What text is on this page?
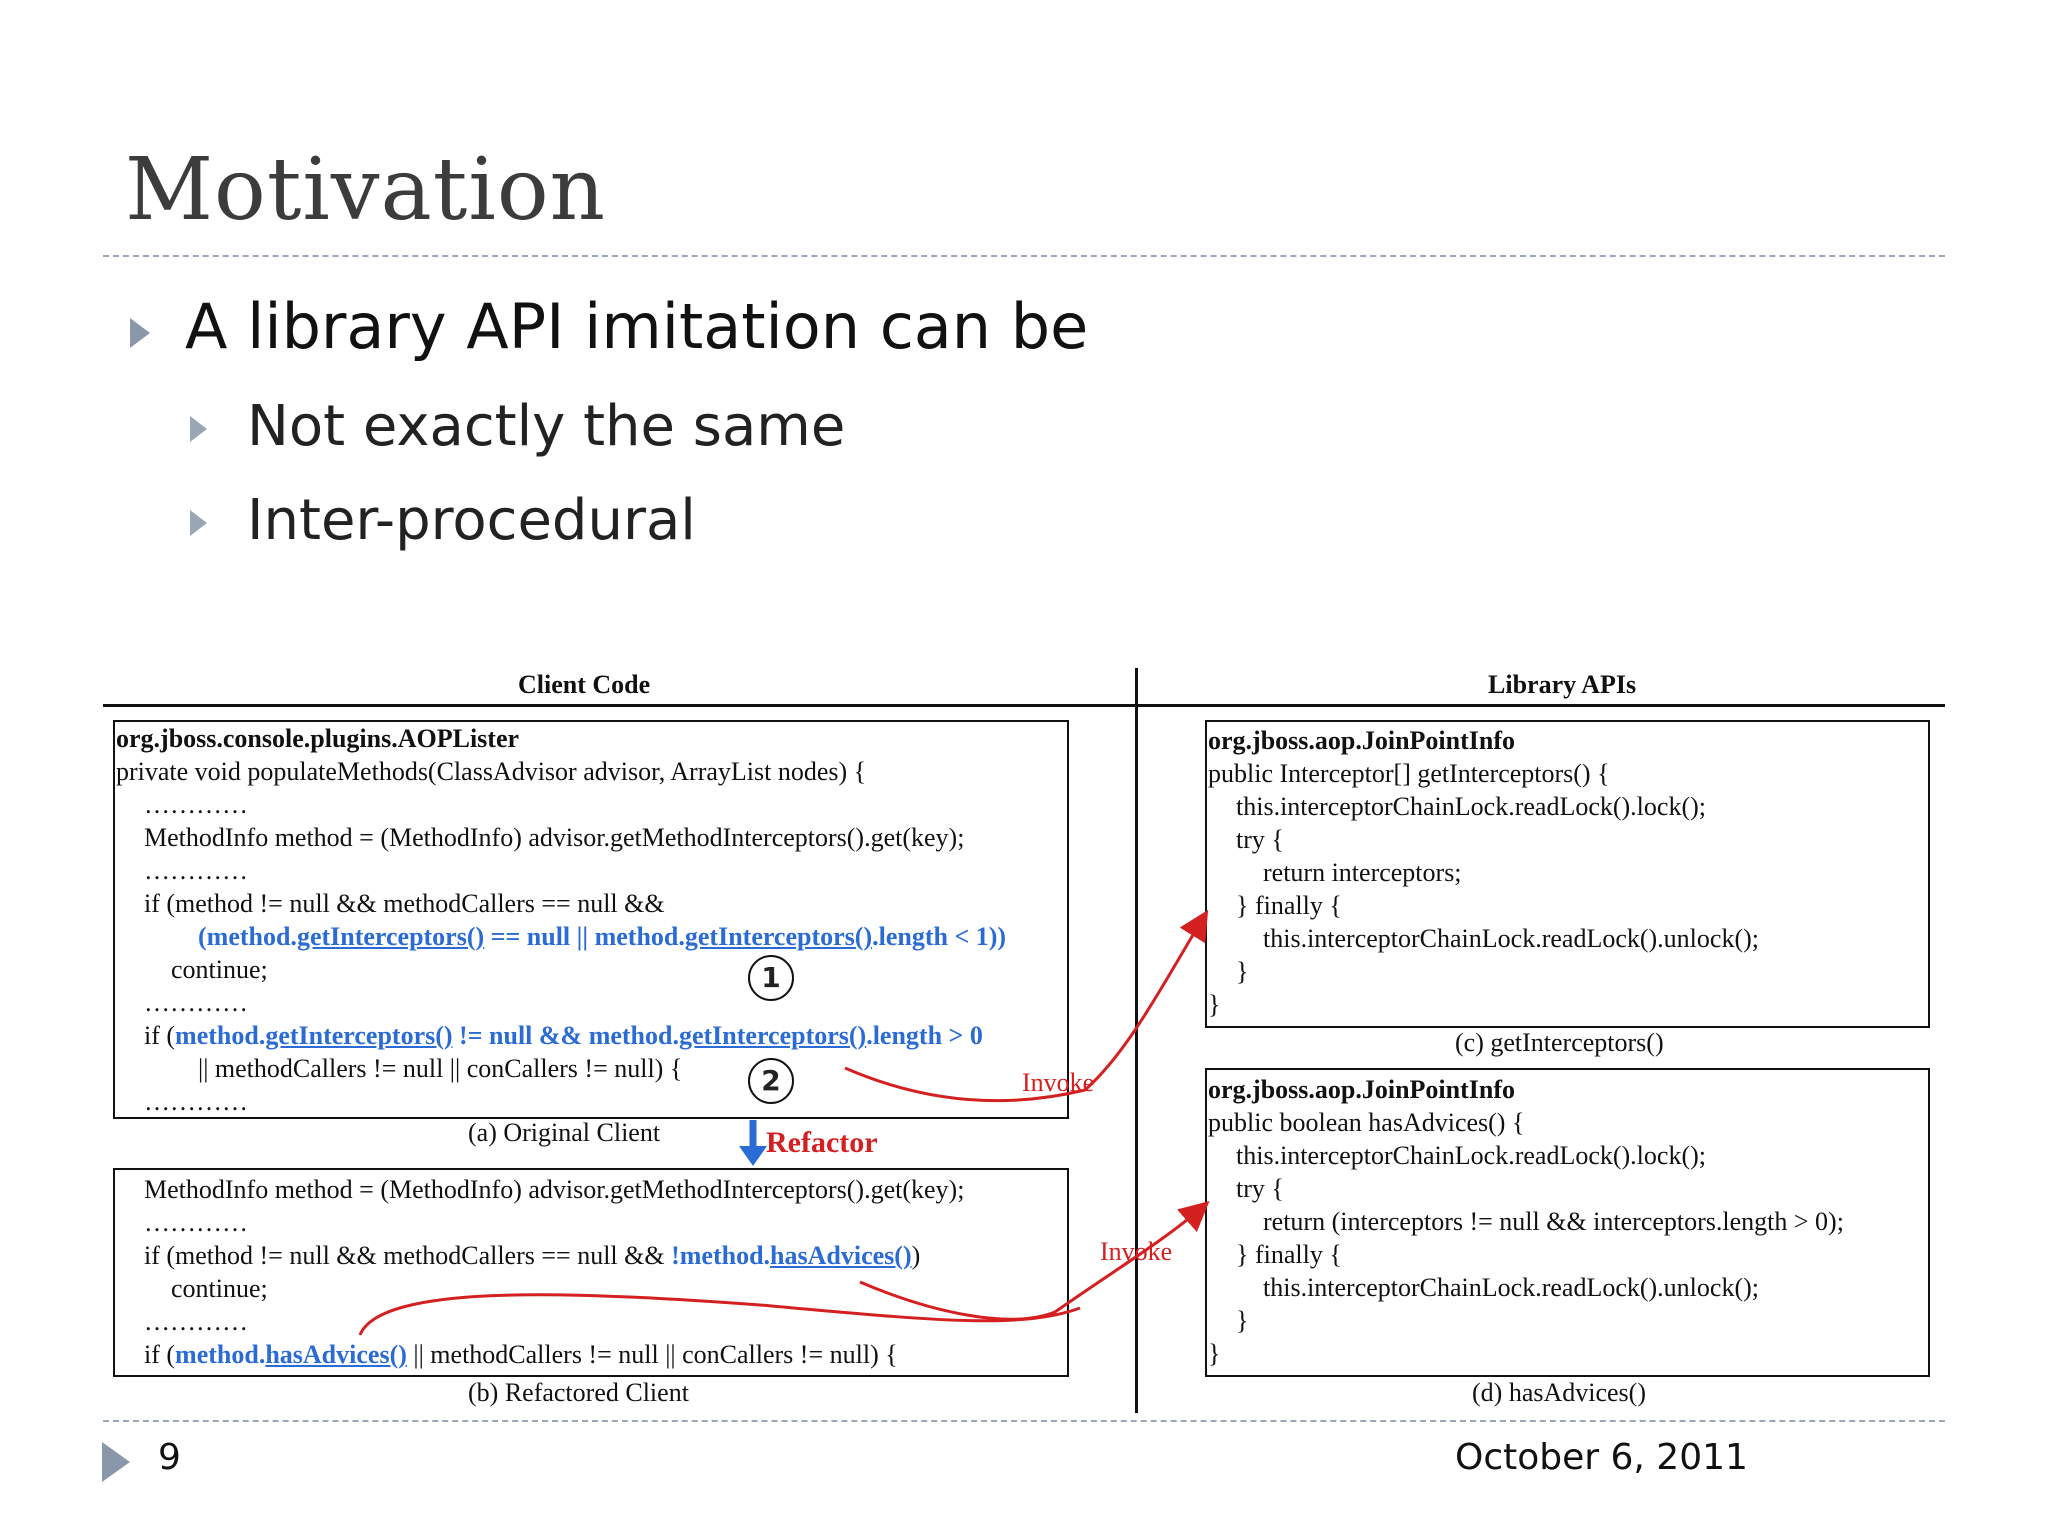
Motivation
A library API imitation can be
Not exactly the same
Inter-procedural
Client Code	Library APIs
org.jboss.console.plugins.AOPLister
private void populateMethods(ClassAdvisor advisor, ArrayList nodes) {
…………
MethodInfo method = (MethodInfo) advisor.getMethodInterceptors().get(key);
…………
if (method != null && methodCallers == null &&
(method.getInterceptors() == null || method.getInterceptors().length < 1))
continue;
…………
if (method.getInterceptors() != null && method.getInterceptors().length > 0
|| methodCallers != null || conCallers != null) {
…………
1
2
(a) Original Client	Refactor
MethodInfo method = (MethodInfo) advisor.getMethodInterceptors().get(key);
…………
if (method != null && methodCallers == null && !method.hasAdvices())
continue;
…………
if (method.hasAdvices() || methodCallers != null || conCallers != null) {
(b) Refactored Client
org.jboss.aop.JoinPointInfo
public Interceptor[] getInterceptors() {
this.interceptorChainLock.readLock().lock();
try {
return interceptors;
} finally {
this.interceptorChainLock.readLock().unlock();
}
}
(c) getInterceptors()
org.jboss.aop.JoinPointInfo
public boolean hasAdvices() {
this.interceptorChainLock.readLock().lock();
try {
return (interceptors != null && interceptors.length > 0);
} finally {
this.interceptorChainLock.readLock().unlock();
}
}
(d) hasAdvices()
Invoke
Invoke
9	October 6, 2011
